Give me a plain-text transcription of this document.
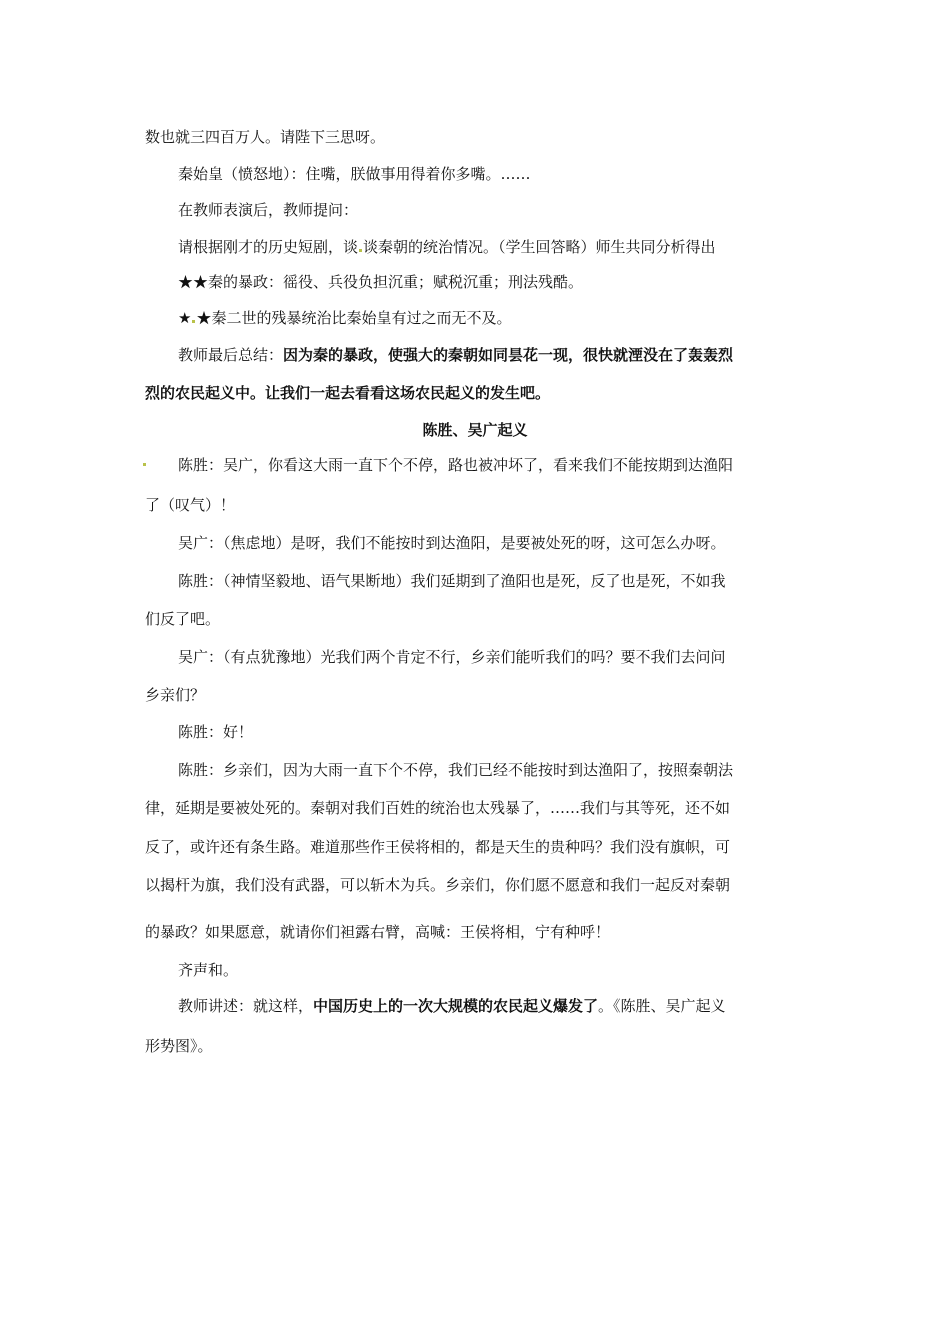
数也就三四百万人。请陛下三思呀。
秦始皇（愤怒地）：住嘴，朕做事用得着你多嘴。……
在教师表演后，教师提问：
请根据刚才的历史短剧，谈 谈秦朝的统治情况。（学生回答略）师生共同分析得出
★★秦的暴政：徭役、兵役负担沉重；赋税沉重；刑法残酷。
★ ★秦二世的残暴统治比秦始皇有过之而无不及。
教师最后总结：因为秦的暴政，使强大的秦朝如同昙花一现，很快就湮没在了轰轰烈
烈的农民起义中。让我们一起去看看这场农民起义的发生吧。
陈胜、吴广起义
陈胜：吴广，你看这大雨一直下个不停，路也被冲坏了，看来我们不能按期到达渔阳
了（叹气）！
吴广：（焦虑地）是呀，我们不能按时到达渔阳，是要被处死的呀，这可怎么办呀。
陈胜：（神情坚毅地、语气果断地）我们延期到了渔阳也是死，反了也是死，不如我
们反了吧。
吴广：（有点犹豫地）光我们两个肯定不行，乡亲们能听我们的吗？要不我们去问问
乡亲们？
陈胜：好！
陈胜：乡亲们，因为大雨一直下个不停，我们已经不能按时到达渔阳了，按照秦朝法
律，延期是要被处死的。秦朝对我们百姓的统治也太残暴了，……我们与其等死，还不如
反了，或许还有条生路。难道那些作王侯将相的，都是天生的贵种吗？我们没有旗帜，可
以揭杆为旗，我们没有武器，可以斩木为兵。乡亲们，你们愿不愿意和我们一起反对秦朝
的暴政？如果愿意，就请你们袒露右臂，高喊：王侯将相，宁有种呼！
齐声和。
教师讲述：就这样，中国历史上的一次大规模的农民起义爆发了。《陈胜、吴广起义
形势图》。
